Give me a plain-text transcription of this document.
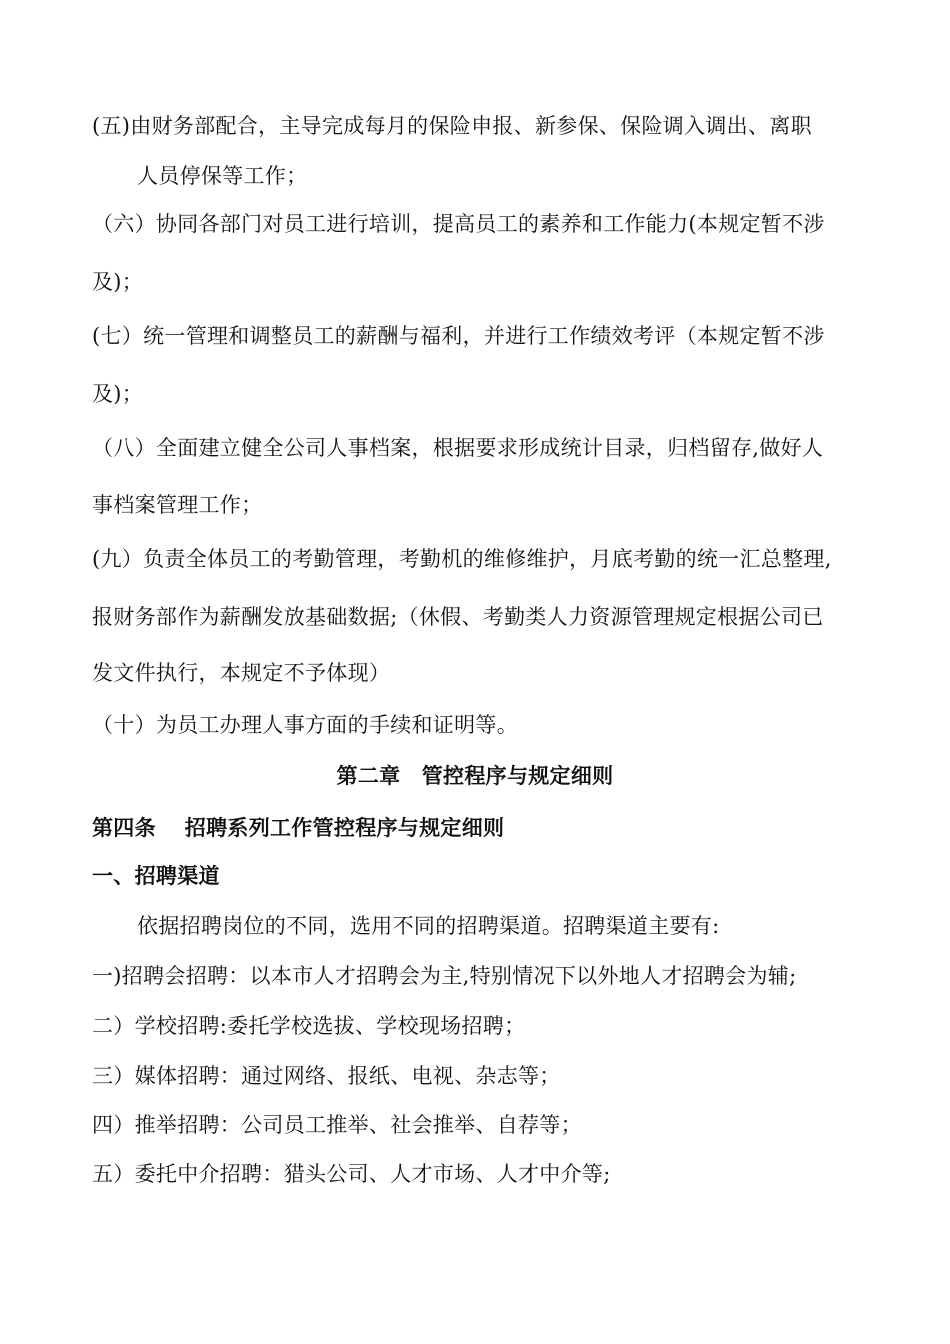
(五)由财务部配合，主导完成每月的保险申报、新参保、保险调入调出、离职
人员停保等工作；
（六）协同各部门对员工进行培训，提高员工的素养和工作能力(本规定暂不涉
及)；
(七）统一管理和调整员工的薪酬与福利，并进行工作绩效考评（本规定暂不涉
及)；
（八）全面建立健全公司人事档案，根据要求形成统计目录，归档留存,做好人
事档案管理工作；
(九）负责全体员工的考勤管理，考勤机的维修维护，月底考勤的统一汇总整理,
报财务部作为薪酬发放基础数据;（休假、考勤类人力资源管理规定根据公司已
发文件执行，本规定不予体现）
（十）为员工办理人事方面的手续和证明等。
第二章　管控程序与规定细则
第四条　 招聘系列工作管控程序与规定细则
一、招聘渠道
依据招聘岗位的不同，选用不同的招聘渠道。招聘渠道主要有:
一)招聘会招聘：以本市人才招聘会为主,特别情况下以外地人才招聘会为辅;
二）学校招聘:委托学校选拔、学校现场招聘；
三）媒体招聘：通过网络、报纸、电视、杂志等；
四）推举招聘：公司员工推举、社会推举、自荐等；
五）委托中介招聘：猎头公司、人才市场、人才中介等;
